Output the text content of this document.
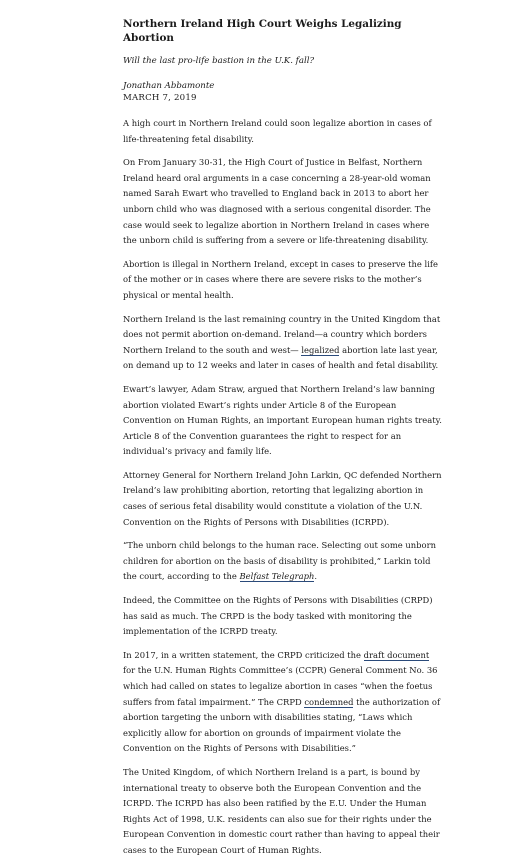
Northern Ireland High Court Weighs Legalizing Abortion
Will the last pro-life bastion in the U.K. fall?
Jonathan Abbamonte
MARCH 7, 2019

A high court in Northern Ireland could soon legalize abortion in cases of life-threatening fetal disability.

On From January 30-31, the High Court of Justice in Belfast, Northern Ireland heard oral arguments in a case concerning a 28-year-old woman named Sarah Ewart who travelled to England back in 2013 to abort her unborn child who was diagnosed with a serious congenital disorder. The case would seek to legalize abortion in Northern Ireland in cases where the unborn child is suffering from a severe or life-threatening disability.

Abortion is illegal in Northern Ireland, except in cases to preserve the life of the mother or in cases where there are severe risks to the mother’s physical or mental health.

Northern Ireland is the last remaining country in the United Kingdom that does not permit abortion on-demand. Ireland—a country which borders Northern Ireland to the south and west— legalized abortion late last year, on demand up to 12 weeks and later in cases of health and fetal disability.

Ewart’s lawyer, Adam Straw, argued that Northern Ireland’s law banning abortion violated Ewart’s rights under Article 8 of the European Convention on Human Rights, an important European human rights treaty. Article 8 of the Convention guarantees the right to respect for an individual’s privacy and family life.

Attorney General for Northern Ireland John Larkin, QC defended Northern Ireland’s law prohibiting abortion, retorting that legalizing abortion in cases of serious fetal disability would constitute a violation of the U.N. Convention on the Rights of Persons with Disabilities (ICRPD).

“The unborn child belongs to the human race. Selecting out some unborn children for abortion on the basis of disability is prohibited,” Larkin told the court, according to the Belfast Telegraph.

Indeed, the Committee on the Rights of Persons with Disabilities (CRPD) has said as much. The CRPD is the body tasked with monitoring the implementation of the ICRPD treaty.

In 2017, in a written statement, the CRPD criticized the draft document for the U.N. Human Rights Committee’s (CCPR) General Comment No. 36 which had called on states to legalize abortion in cases “when the foetus suffers from fatal impairment.” The CRPD condemned the authorization of abortion targeting the unborn with disabilities stating, “Laws which explicitly allow for abortion on grounds of impairment violate the Convention on the Rights of Persons with Disabilities.”

The United Kingdom, of which Northern Ireland is a part, is bound by international treaty to observe both the European Convention and the ICRPD. The ICRPD has also been ratified by the E.U. Under the Human Rights Act of 1998, U.K. residents can also sue for their rights under the European Convention in domestic court rather than having to appeal their cases to the European Court of Human Rights.
